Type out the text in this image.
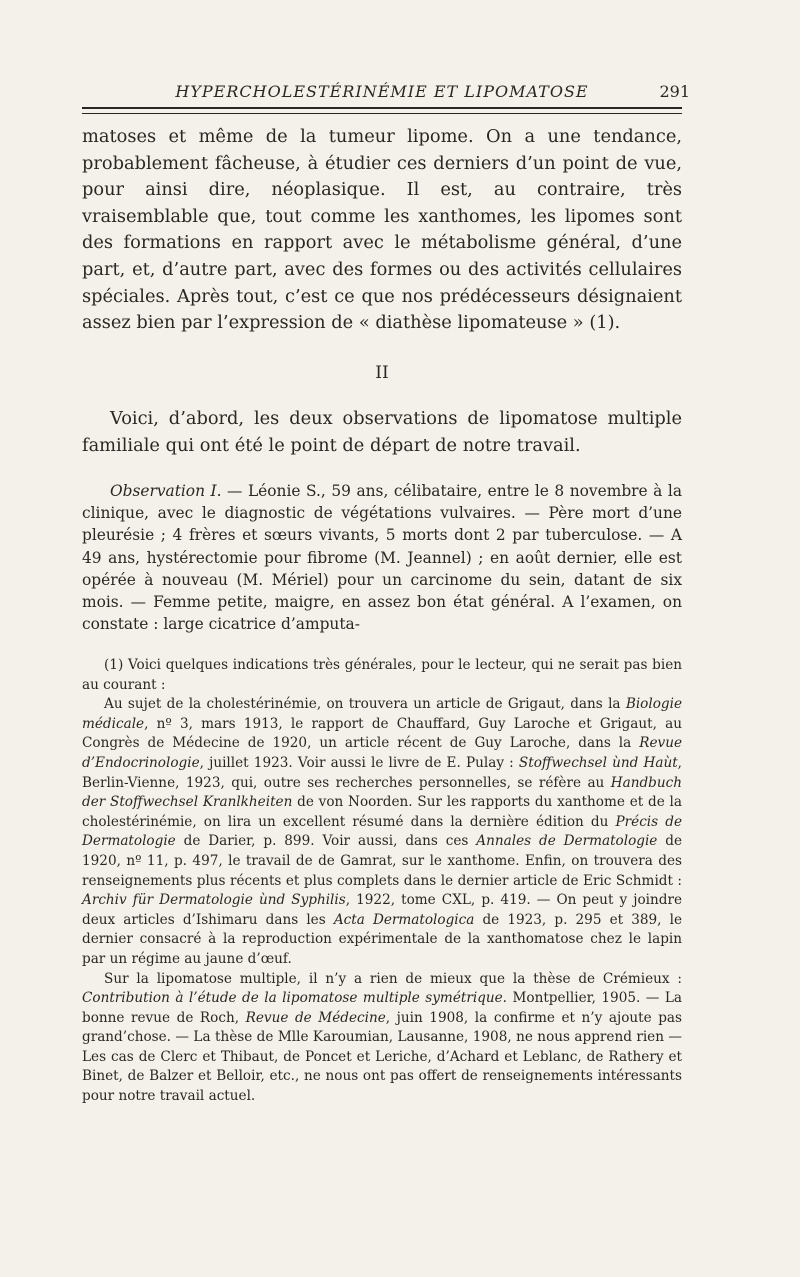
HYPERCHOLESTÉRINÉMIE ET LIPOMATOSE	291

matoses et même de la tumeur lipome. On a une tendance, probablement fâcheuse, à étudier ces derniers d’un point de vue, pour ainsi dire, néoplasique. Il est, au contraire, très vraisemblable que, tout comme les xanthomes, les lipomes sont des formations en rapport avec le métabolisme général, d’une part, et, d’autre part, avec des formes ou des activités cellulaires spéciales. Après tout, c’est ce que nos prédécesseurs désignaient assez bien par l’expression de « diathèse lipomateuse » (1).

II

Voici, d’abord, les deux observations de lipomatose multiple familiale qui ont été le point de départ de notre travail.

Observation I. — Léonie S., 59 ans, célibataire, entre le 8 novembre à la clinique, avec le diagnostic de végétations vulvaires. — Père mort d’une pleurésie ; 4 frères et sœurs vivants, 5 morts dont 2 par tuberculose. — A 49 ans, hystérectomie pour fibrome (M. Jeannel) ; en août dernier, elle est opérée à nouveau (M. Mériel) pour un carcinome du sein, datant de six mois. — Femme petite, maigre, en assez bon état général. A l’examen, on constate : large cicatrice d’amputa-

(1) Voici quelques indications très générales, pour le lecteur, qui ne serait pas bien au courant :

Au sujet de la cholestérinémie, on trouvera un article de Grigaut, dans la Biologie médicale, nº 3, mars 1913, le rapport de Chauffard, Guy Laroche et Grigaut, au Congrès de Médecine de 1920, un article récent de Guy Laroche, dans la Revue d’Endocrinologie, juillet 1923. Voir aussi le livre de E. Pulay : Stoffwechsel ùnd Haùt, Berlin-Vienne, 1923, qui, outre ses recherches personnelles, se réfère au Handbuch der Stoffwechsel Kranlkheiten de von Noorden. Sur les rapports du xanthome et de la cholestérinémie, on lira un excellent résumé dans la dernière édition du Précis de Dermatologie de Darier, p. 899. Voir aussi, dans ces Annales de Dermatologie de 1920, nº 11, p. 497, le travail de de Gamrat, sur le xanthome. Enfin, on trouvera des renseignements plus récents et plus complets dans le dernier article de Eric Schmidt : Archiv für Dermatologie ùnd Syphilis, 1922, tome CXL, p. 419. — On peut y joindre deux articles d’Ishimaru dans les Acta Dermatologica de 1923, p. 295 et 389, le dernier consacré à la reproduction expérimentale de la xanthomatose chez le lapin par un régime au jaune d’œuf.

Sur la lipomatose multiple, il n’y a rien de mieux que la thèse de Crémieux : Contribution à l’étude de la lipomatose multiple symétrique. Montpellier, 1905. — La bonne revue de Roch, Revue de Médecine, juin 1908, la confirme et n’y ajoute pas grand’chose. — La thèse de Mlle Karoumian, Lausanne, 1908, ne nous apprend rien — Les cas de Clerc et Thibaut, de Poncet et Leriche, d’Achard et Leblanc, de Rathery et Binet, de Balzer et Belloir, etc., ne nous ont pas offert de renseignements intéressants pour notre travail actuel.
